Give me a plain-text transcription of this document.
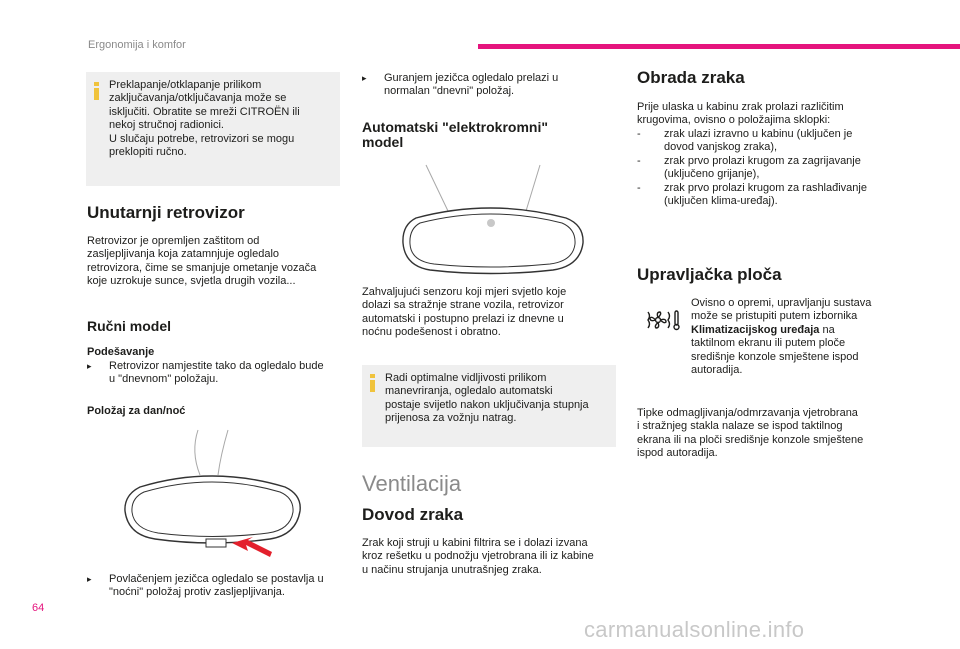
Ergonomija i komfor
Preklapanje/otklapanje prilikom
zaključavanja/otključavanja može se
isključiti. Obratite se mreži CITROËN ili
nekoj stručnoj radionici.
U slučaju potrebe, retrovizori se mogu
preklopiti ručno.
Unutarnji retrovizor
Retrovizor je opremljen zaštitom od
zasljepljivanja koja zatamnjuje ogledalo
retrovizora, čime se smanjuje ometanje vozača
koje uzrokuje sunce, svjetla drugih vozila...
Ručni model
Podešavanje
▸	Retrovizor namjestite tako da ogledalo bude
u "dnevnom" položaju.
Položaj za dan/noć
▸	Povlačenjem jezičca ogledalo se postavlja u
"noćni" položaj protiv zasljepljivanja.
▸	Guranjem jezičca ogledalo prelazi u
normalan "dnevni" položaj.
Automatski "elektrokromni"
model
Zahvaljujući senzoru koji mjeri svjetlo koje
dolazi sa stražnje strane vozila, retrovizor
automatski i postupno prelazi iz dnevne u
noćnu podešenost i obratno.
Radi optimalne vidljivosti prilikom
manevriranja, ogledalo automatski
postaje svijetlo nakon uključivanja stupnja
prijenosa za vožnju natrag.
Ventilacija
Dovod zraka
Zrak koji struji u kabini filtrira se i dolazi izvana
kroz rešetku u podnožju vjetrobrana ili iz kabine
u načinu strujanja unutrašnjeg zraka.
Obrada zraka
Prije ulaska u kabinu zrak prolazi različitim
krugovima, ovisno o položajima sklopki:
-	zrak ulazi izravno u kabinu (uključen je
dovod vanjskog zraka),
-	zrak prvo prolazi krugom za zagrijavanje
(uključeno grijanje),
-	zrak prvo prolazi krugom za rashlađivanje
(uključen klima-uređaj).
Upravljačka ploča
Ovisno o opremi, upravljanju sustava
može se pristupiti putem izbornika
Klimatizacijskog uređaja na
taktilnom ekranu ili putem ploče
središnje konzole smještene ispod
autoradija.
Tipke odmagljivanja/odmrzavanja vjetrobrana
i stražnjeg stakla nalaze se ispod taktilnog
ekrana ili na ploči središnje konzole smještene
ispod autoradija.
64
carmanualsonline.info
